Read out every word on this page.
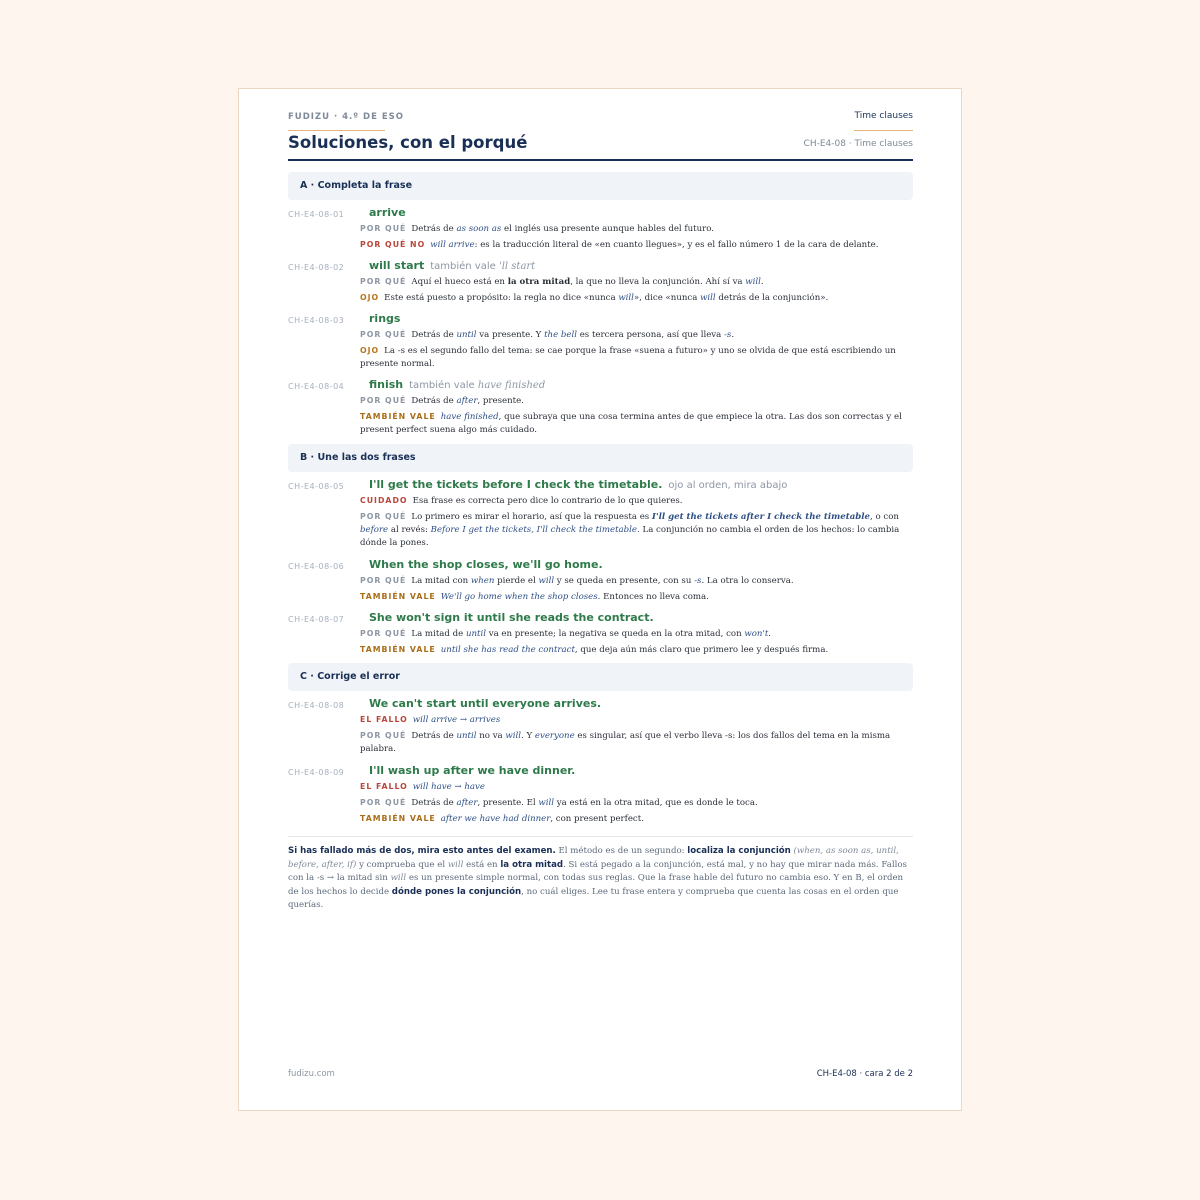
FUDIZU · 4.º DE ESO	Time clauses
Soluciones, con el porqué	CH-E4-08 · Time clauses
A · Completa la frase
CH-E4-08-01 arrive
POR QUÉ Detrás de as soon as el inglés usa presente aunque hables del futuro.
POR QUÉ NO will arrive: es la traducción literal de «en cuanto llegues», y es el fallo número 1 de la cara de delante.
CH-E4-08-02 will start también vale 'll start
POR QUÉ Aquí el hueco está en la otra mitad, la que no lleva la conjunción. Ahí sí va will.
OJO Este está puesto a propósito: la regla no dice «nunca will», dice «nunca will detrás de la conjunción».
CH-E4-08-03 rings
POR QUÉ Detrás de until va presente. Y the bell es tercera persona, así que lleva -s.
OJO La -s es el segundo fallo del tema: se cae porque la frase «suena a futuro» y uno se olvida de que está escribiendo un presente normal.
CH-E4-08-04 finish también vale have finished
POR QUÉ Detrás de after, presente.
TAMBIÉN VALE have finished, que subraya que una cosa termina antes de que empiece la otra. Las dos son correctas y el present perfect suena algo más cuidado.
B · Une las dos frases
CH-E4-08-05 I'll get the tickets before I check the timetable. ojo al orden, mira abajo
CUIDADO Esa frase es correcta pero dice lo contrario de lo que quieres.
POR QUÉ Lo primero es mirar el horario, así que la respuesta es I'll get the tickets after I check the timetable, o con before al revés: Before I get the tickets, I'll check the timetable. La conjunción no cambia el orden de los hechos: lo cambia dónde la pones.
CH-E4-08-06 When the shop closes, we'll go home.
POR QUÉ La mitad con when pierde el will y se queda en presente, con su -s. La otra lo conserva.
TAMBIÉN VALE We'll go home when the shop closes. Entonces no lleva coma.
CH-E4-08-07 She won't sign it until she reads the contract.
POR QUÉ La mitad de until va en presente; la negativa se queda en la otra mitad, con won't.
TAMBIÉN VALE until she has read the contract, que deja aún más claro que primero lee y después firma.
C · Corrige el error
CH-E4-08-08 We can't start until everyone arrives.
EL FALLO will arrive → arrives
POR QUÉ Detrás de until no va will. Y everyone es singular, así que el verbo lleva -s: los dos fallos del tema en la misma palabra.
CH-E4-08-09 I'll wash up after we have dinner.
EL FALLO will have → have
POR QUÉ Detrás de after, presente. El will ya está en la otra mitad, que es donde le toca.
TAMBIÉN VALE after we have had dinner, con present perfect.
Si has fallado más de dos, mira esto antes del examen. El método es de un segundo: localiza la conjunción (when, as soon as, until, before, after, if) y comprueba que el will está en la otra mitad. Si está pegado a la conjunción, está mal, y no hay que mirar nada más. Fallos con la -s → la mitad sin will es un presente simple normal, con todas sus reglas. Que la frase hable del futuro no cambia eso. Y en B, el orden de los hechos lo decide dónde pones la conjunción, no cuál eliges. Lee tu frase entera y comprueba que cuenta las cosas en el orden que querías.
fudizu.com	CH-E4-08 · cara 2 de 2
